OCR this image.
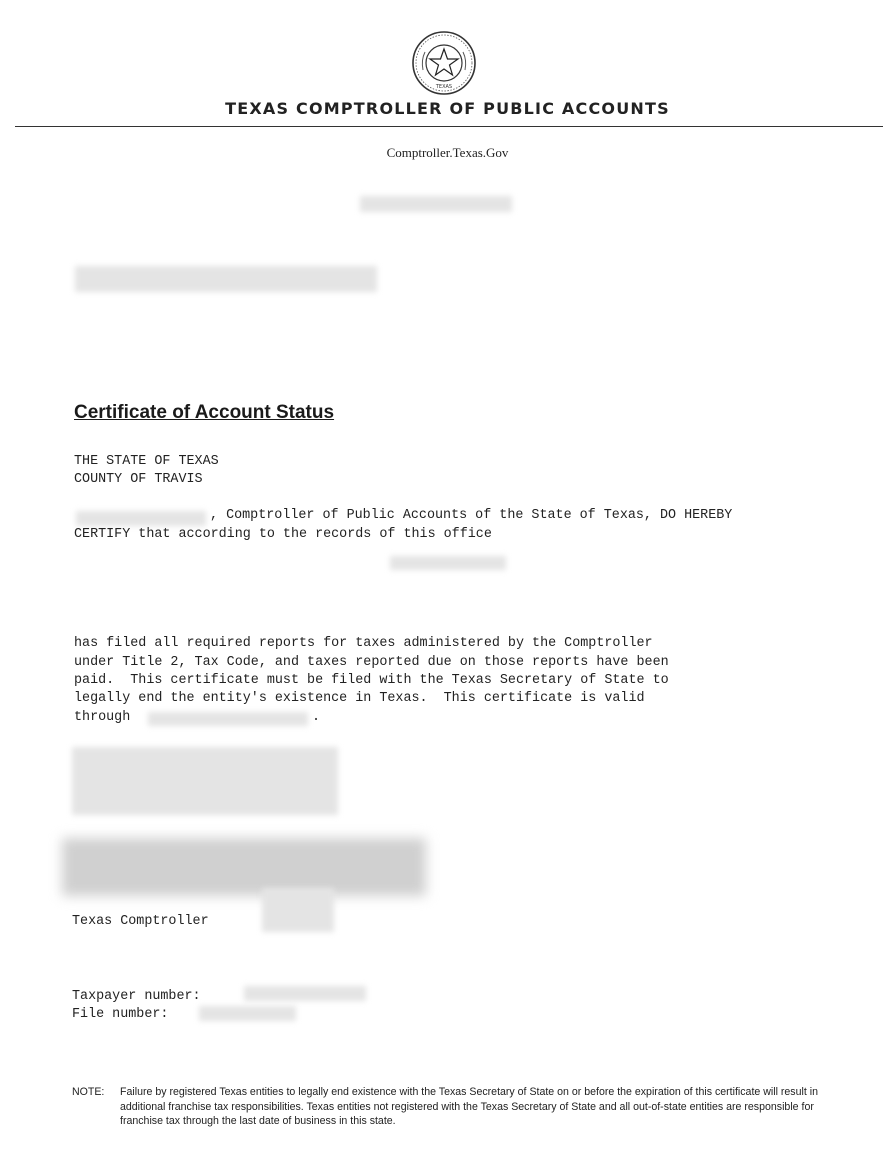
TEXAS
TEXAS COMPTROLLER OF PUBLIC ACCOUNTS
Comptroller.Texas.Gov
Certificate of Account Status
THE STATE OF TEXAS
COUNTY OF TRAVIS
, Comptroller of Public Accounts of the State of Texas, DO HEREBY
CERTIFY that according to the records of this office
has filed all required reports for taxes administered by the Comptroller
under Title 2, Tax Code, and taxes reported due on those reports have been
paid.  This certificate must be filed with the Texas Secretary of State to
legally end the entity's existence in Texas.  This certificate is valid
through	.
Texas Comptroller
Taxpayer number:
File number:
NOTE: Failure by registered Texas entities to legally end existence with the Texas Secretary of State on or before the expiration of this certificate will result in additional franchise tax responsibilities. Texas entities not registered with the Texas Secretary of State and all out-of-state entities are responsible for franchise tax through the last date of business in this state.
